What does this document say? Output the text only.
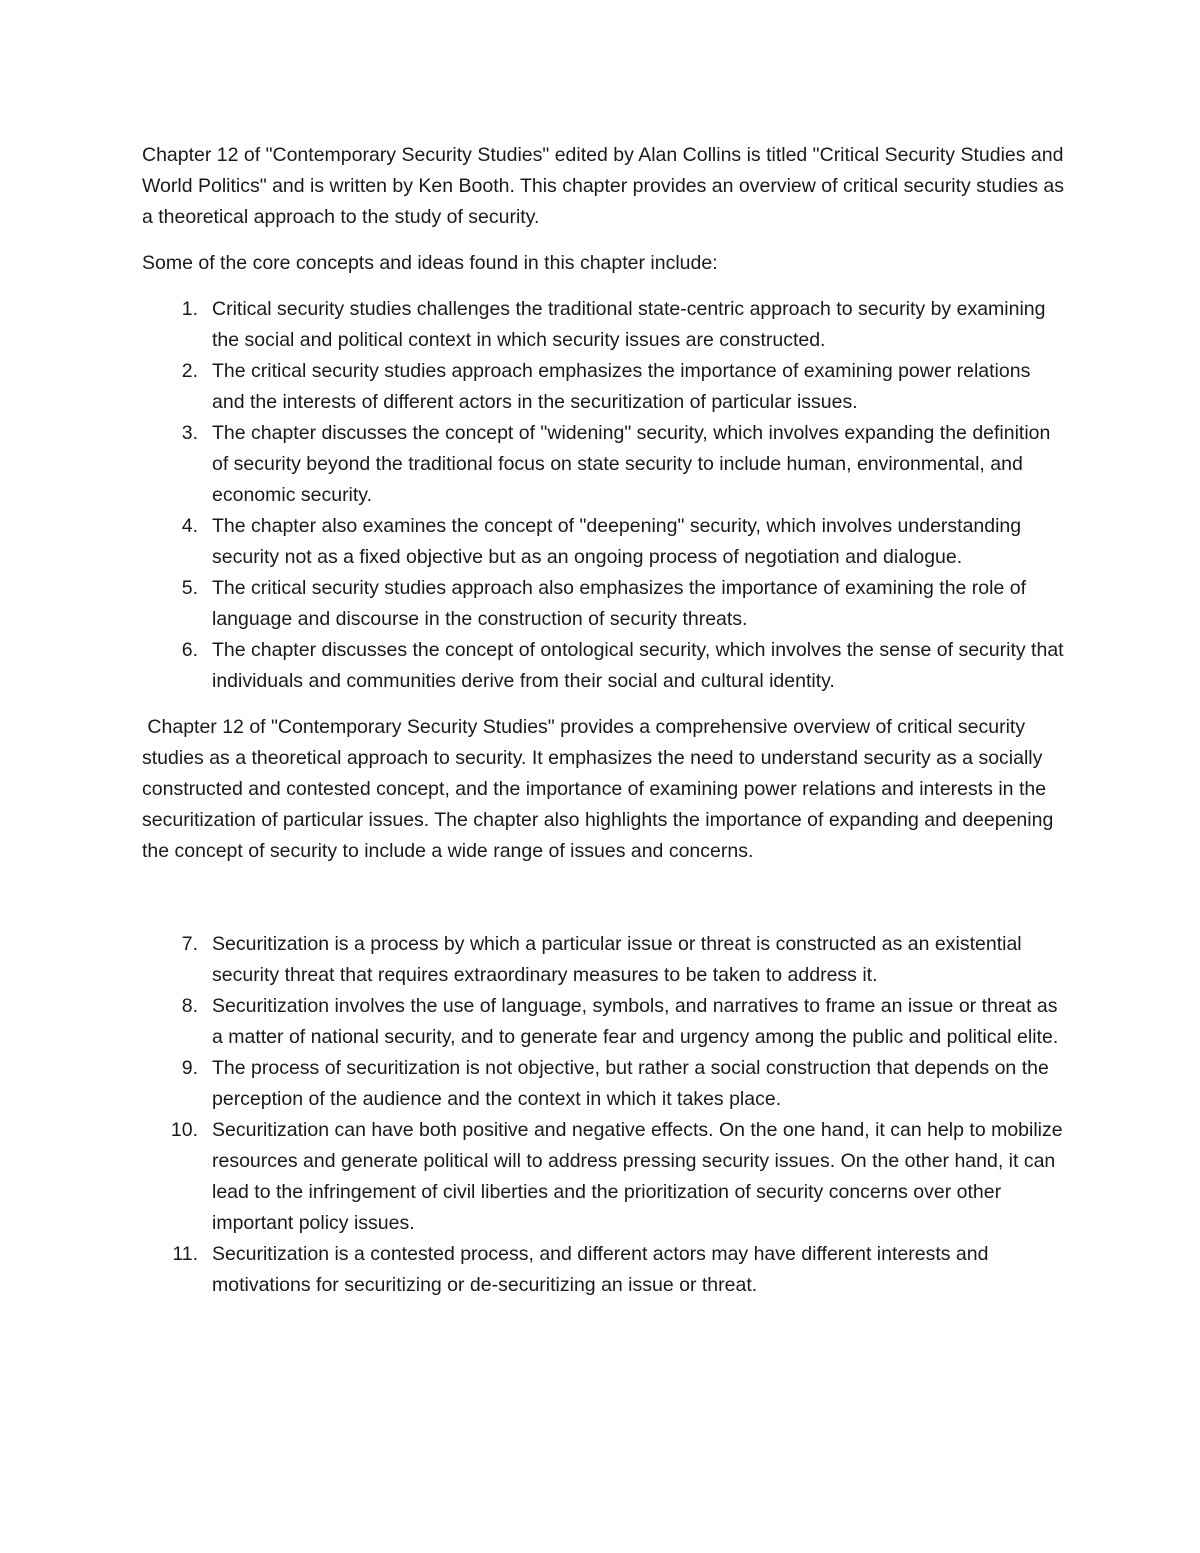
Chapter 12 of "Contemporary Security Studies" edited by Alan Collins is titled "Critical Security Studies and World Politics" and is written by Ken Booth. This chapter provides an overview of critical security studies as a theoretical approach to the study of security.

Some of the core concepts and ideas found in this chapter include:

1. Critical security studies challenges the traditional state-centric approach to security by examining the social and political context in which security issues are constructed.
2. The critical security studies approach emphasizes the importance of examining power relations and the interests of different actors in the securitization of particular issues.
3. The chapter discusses the concept of "widening" security, which involves expanding the definition of security beyond the traditional focus on state security to include human, environmental, and economic security.
4. The chapter also examines the concept of "deepening" security, which involves understanding security not as a fixed objective but as an ongoing process of negotiation and dialogue.
5. The critical security studies approach also emphasizes the importance of examining the role of language and discourse in the construction of security threats.
6. The chapter discusses the concept of ontological security, which involves the sense of security that individuals and communities derive from their social and cultural identity.

Chapter 12 of "Contemporary Security Studies" provides a comprehensive overview of critical security studies as a theoretical approach to security. It emphasizes the need to understand security as a socially constructed and contested concept, and the importance of examining power relations and interests in the securitization of particular issues. The chapter also highlights the importance of expanding and deepening the concept of security to include a wide range of issues and concerns.

7. Securitization is a process by which a particular issue or threat is constructed as an existential security threat that requires extraordinary measures to be taken to address it.
8. Securitization involves the use of language, symbols, and narratives to frame an issue or threat as a matter of national security, and to generate fear and urgency among the public and political elite.
9. The process of securitization is not objective, but rather a social construction that depends on the perception of the audience and the context in which it takes place.
10. Securitization can have both positive and negative effects. On the one hand, it can help to mobilize resources and generate political will to address pressing security issues. On the other hand, it can lead to the infringement of civil liberties and the prioritization of security concerns over other important policy issues.
11. Securitization is a contested process, and different actors may have different interests and motivations for securitizing or de-securitizing an issue or threat.
